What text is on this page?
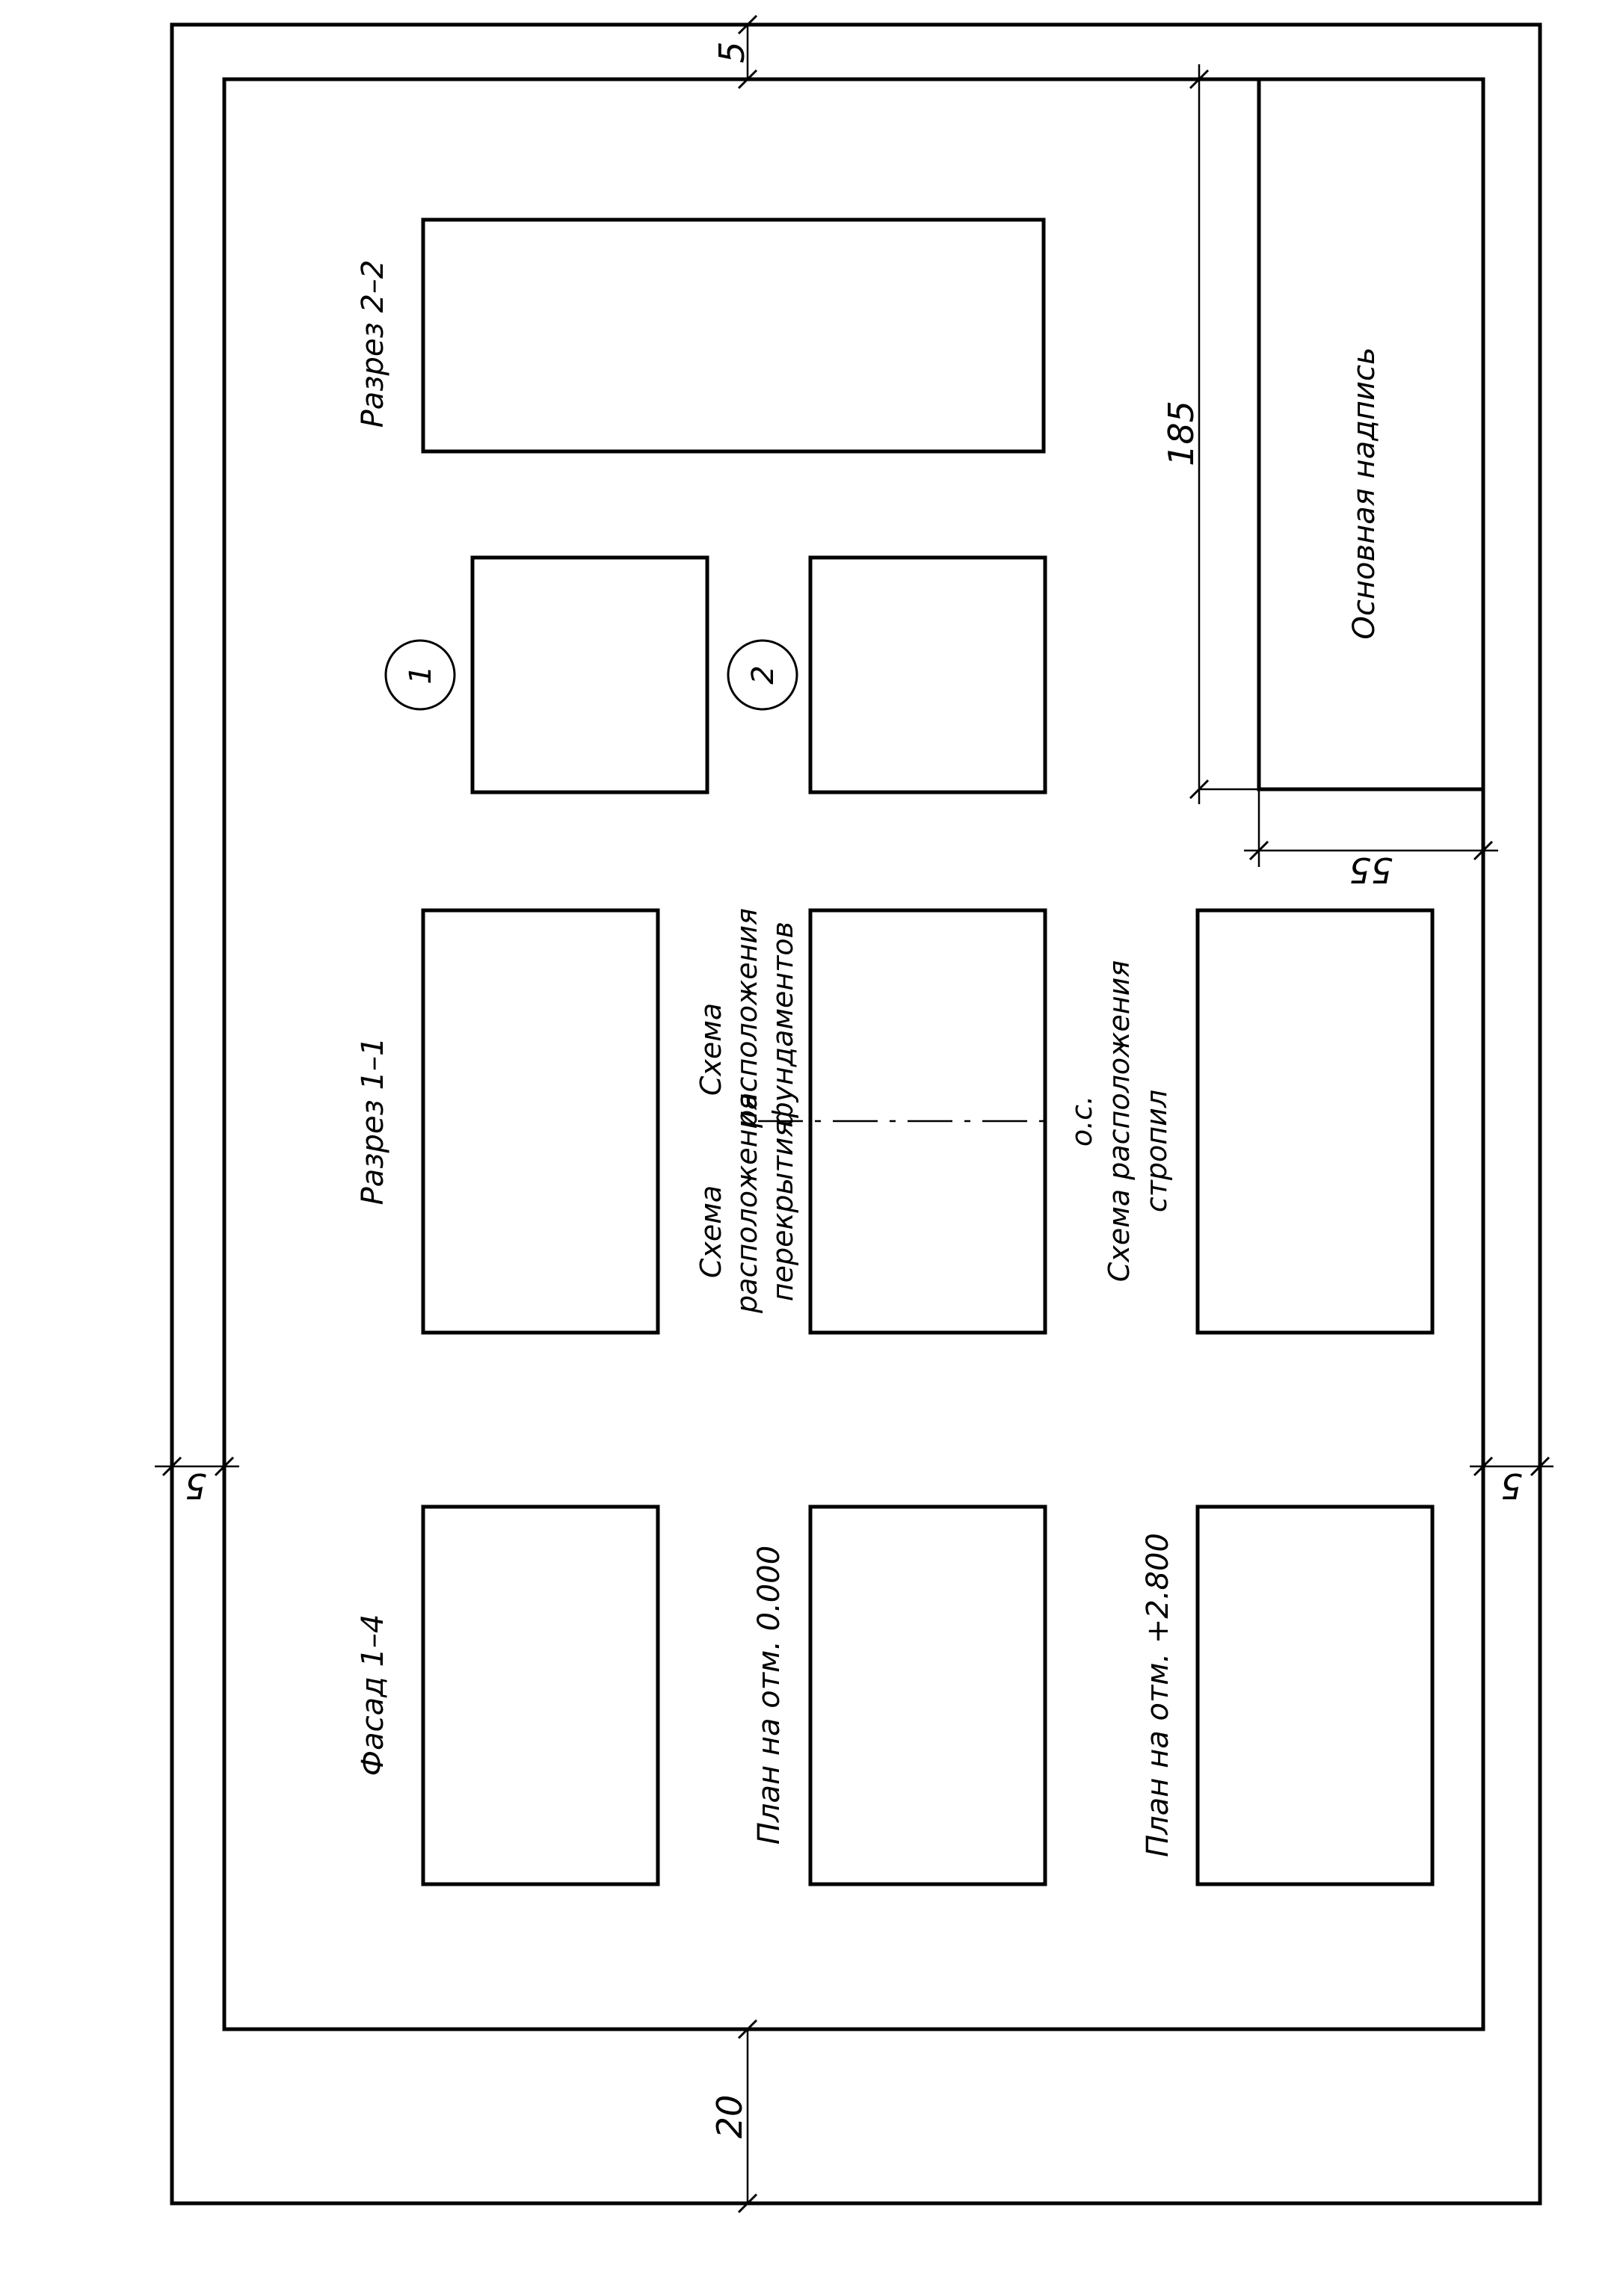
Основная надпись
5
20
5	5
185
55
Фасад 1–4
Разрез 1–1
1
Разрез 2–2
План на отм. 0.000
Схема расположения перекрытия
Схема расположения фундаментов
2
План на отм. +2.800
о.с. Схема расположения стропил
